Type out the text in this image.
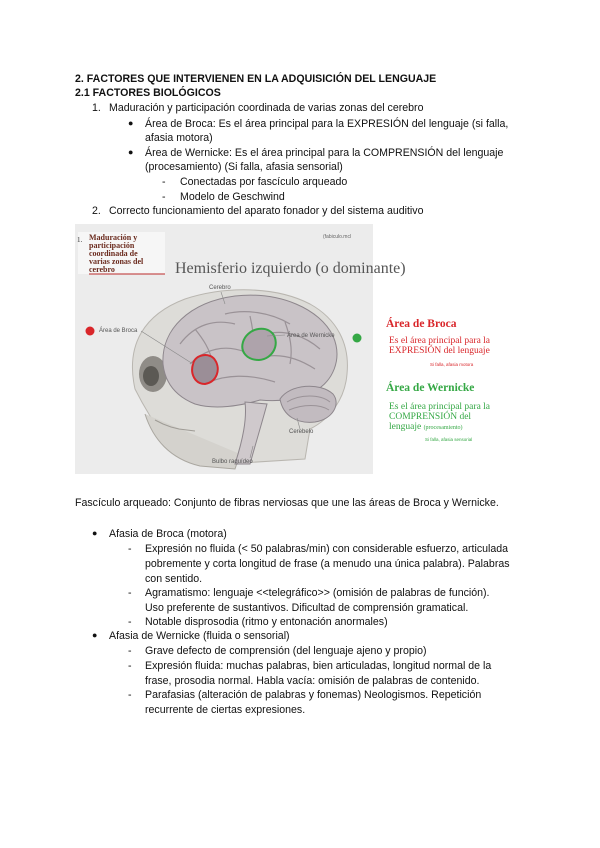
2. FACTORES QUE INTERVIENEN EN LA ADQUISICIÓN DEL LENGUAJE
2.1 FACTORES BIOLÓGICOS
1. Maduración y participación coordinada de varias zonas del cerebro
● Área de Broca: Es el área principal para la EXPRESIÓN del lenguaje (si falla,
afasia motora)
● Área de Wernicke: Es el área principal para la COMPRENSIÓN del lenguaje
(procesamiento) (Si falla, afasia sensorial)
- Conectadas por fascículo arqueado
- Modelo de Geschwind
2. Correcto funcionamiento del aparato fonador y del sistema auditivo
1. Maduración y
participación
coordinada de
varias zonas del
cerebro
(fabiculo.mcl
Hemisferio izquierdo (o dominante)
Cerebro
Área de Broca
Área de Wernicke
Cerebelo
Bulbo raquídeo
Área de Broca
Es el área principal para la
EXPRESIÓN del lenguaje
Si falla, afasia motora
Área de Wernicke
Es el área principal para la
COMPRENSIÓN del
lenguaje (procesamiento)
Si falla, afasia sensorial
Fascículo arqueado: Conjunto de fibras nerviosas que une las áreas de Broca y Wernicke.
● Afasia de Broca (motora)
- Expresión no fluida (< 50 palabras/min) con considerable esfuerzo, articulada
pobremente y corta longitud de frase (a menudo una única palabra). Palabras
con sentido.
- Agramatismo: lenguaje <<telegráfico>> (omisión de palabras de función).
Uso preferente de sustantivos. Dificultad de comprensión gramatical.
- Notable disprosodia (ritmo y entonación anormales)
● Afasia de Wernicke (fluida o sensorial)
- Grave defecto de comprensión (del lenguaje ajeno y propio)
- Expresión fluida: muchas palabras, bien articuladas, longitud normal de la
frase, prosodia normal. Habla vacía: omisión de palabras de contenido.
- Parafasias (alteración de palabras y fonemas) Neologismos. Repetición
recurrente de ciertas expresiones.
